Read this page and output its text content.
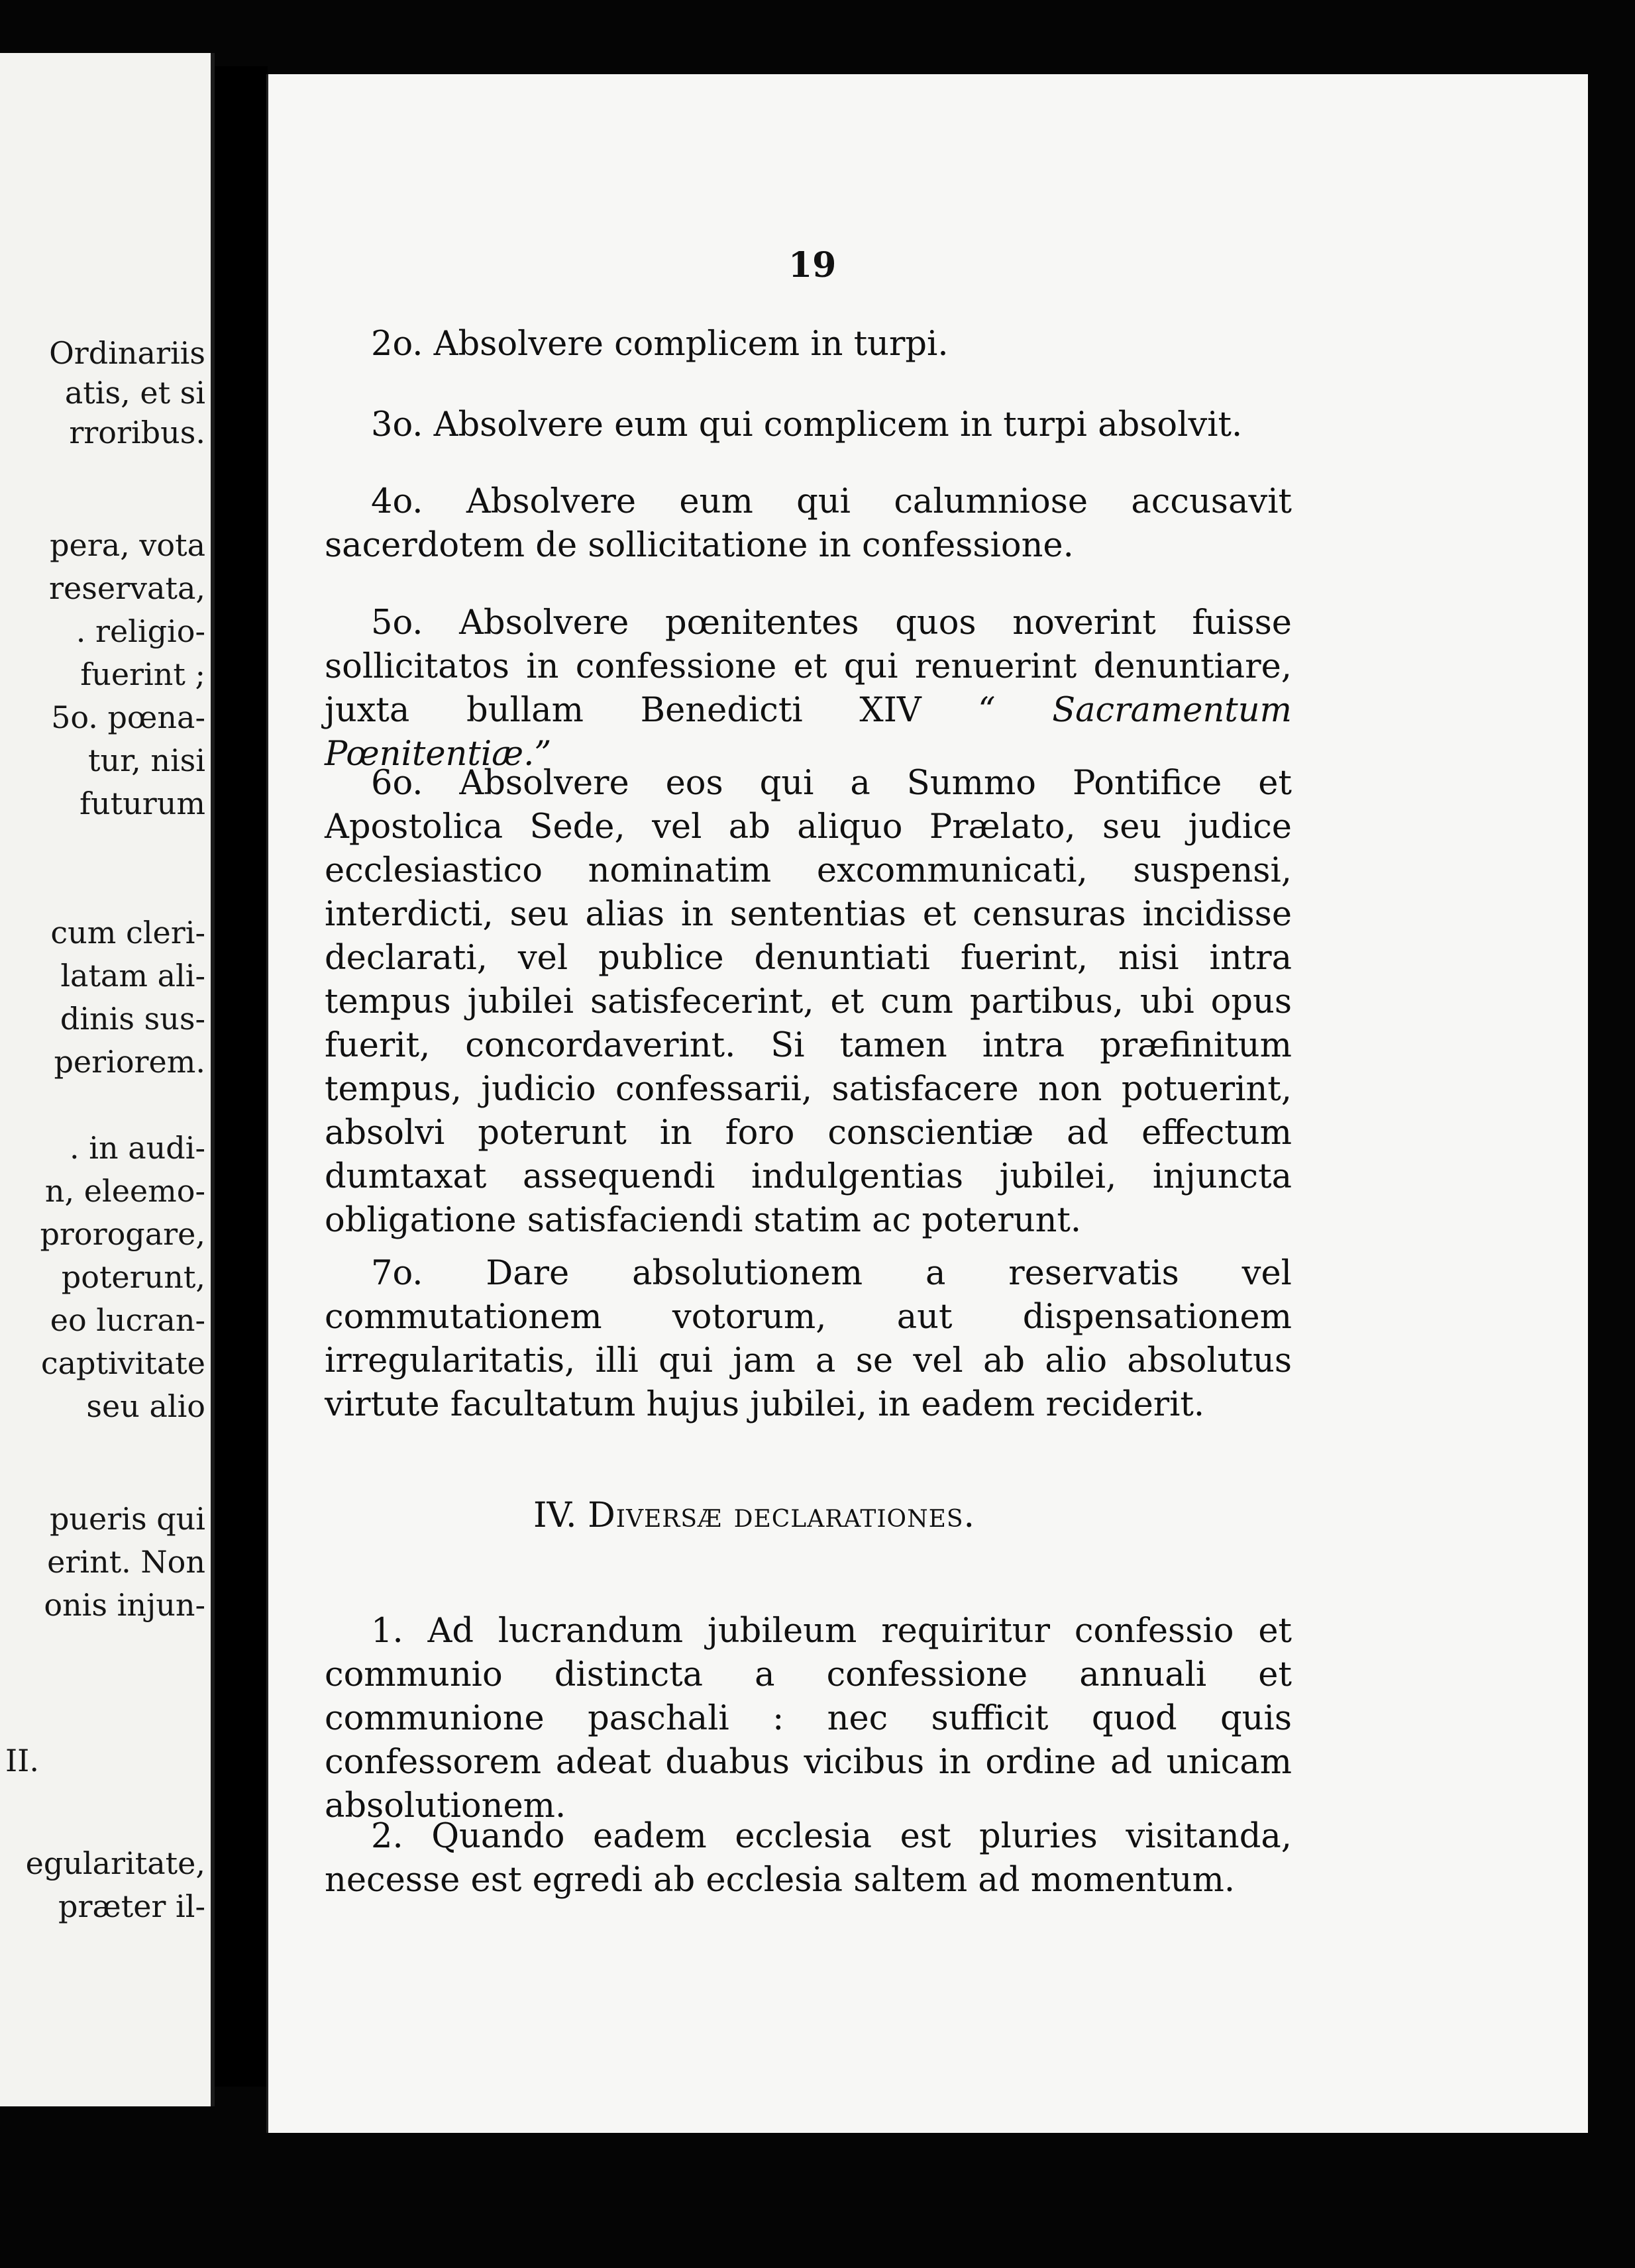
Ordinariis
atis, et si
rroribus.
pera, vota
reservata,
. religio-
fuerint ;
5o. pœna-
tur, nisi
futurum
cum cleri-
latam ali-
dinis sus-
periorem.
. in audi-
n, eleemo-
prorogare,
poterunt,
eo lucran-
captivitate
seu alio
pueris qui
erint. Non
onis injun-
II.
egularitate,
præter il-
19

2o. Absolvere complicem in turpi.

3o. Absolvere eum qui complicem in turpi absolvit.

4o. Absolvere eum qui calumniose accusavit sacerdotem de sollicitatione in confessione.

5o. Absolvere pœnitentes quos noverint fuisse sollicitatos in confessione et qui renuerint denuntiare, juxta bullam Benedicti XIV “ Sacramentum Pœnitentiæ.”

6o. Absolvere eos qui a Summo Pontifice et Apostolica Sede, vel ab aliquo Prælato, seu judice ecclesiastico nominatim excommunicati, suspensi, interdicti, seu alias in sententias et censuras incidisse declarati, vel publice denuntiati fuerint, nisi intra tempus jubilei satisfecerint, et cum partibus, ubi opus fuerit, concordaverint. Si tamen intra præfinitum tempus, judicio confessarii, satisfacere non potuerint, absolvi poterunt in foro conscientiæ ad effectum dumtaxat assequendi indulgentias jubilei, injuncta obligatione satisfaciendi statim ac poterunt.

7o. Dare absolutionem a reservatis vel commutationem votorum, aut dispensationem irregularitatis, illi qui jam a se vel ab alio absolutus virtute facultatum hujus jubilei, in eadem reciderit.

IV. Diversæ declarationes.

1. Ad lucrandum jubileum requiritur confessio et communio distincta a confessione annuali et communione paschali : nec sufficit quod quis confessorem adeat duabus vicibus in ordine ad unicam absolutionem.

2. Quando eadem ecclesia est pluries visitanda, necesse est egredi ab ecclesia saltem ad momentum.
